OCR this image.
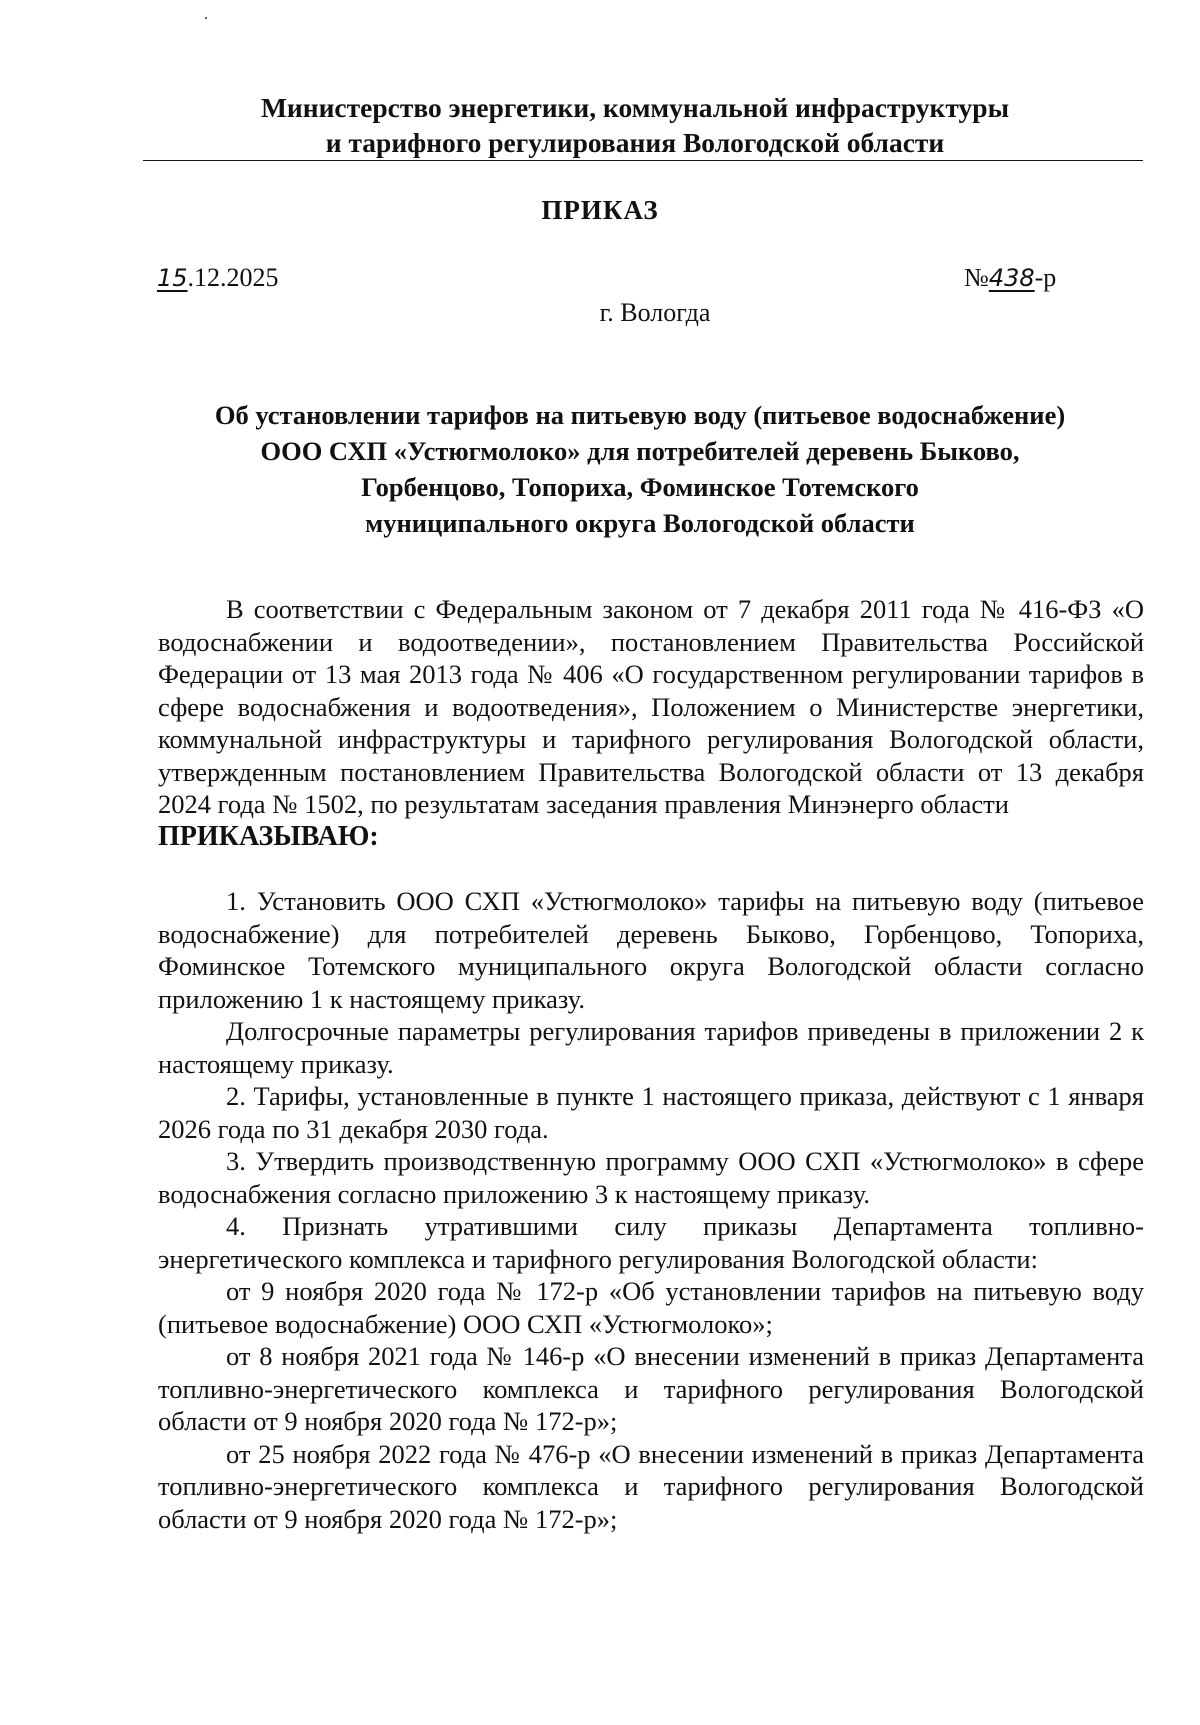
Министерство энергетики, коммунальной инфраструктуры
и тарифного регулирования Вологодской области
ПРИКАЗ
15.12.2025	№438-р
г. Вологда
Об установлении тарифов на питьевую воду (питьевое водоснабжение)
ООО СХП «Устюгмолоко» для потребителей деревень Быково,
Горбенцово, Топориха, Фоминское Тотемского
муниципального округа Вологодской области

В соответствии с Федеральным законом от 7 декабря 2011 года № 416-ФЗ «О водоснабжении и водоотведении», постановлением Правительства Российской Федерации от 13 мая 2013 года № 406 «О государственном регулировании тарифов в сфере водоснабжения и водоотведения», Положением о Министерстве энергетики, коммунальной инфраструктуры и тарифного регулирования Вологодской области, утвержденным постановлением Правительства Вологодской области от 13 декабря 2024 года № 1502, по результатам заседания правления Минэнерго области

ПРИКАЗЫВАЮ:

1. Установить ООО СХП «Устюгмолоко» тарифы на питьевую воду (питьевое водоснабжение) для потребителей деревень Быково, Горбенцово, Топориха, Фоминское Тотемского муниципального округа Вологодской области согласно приложению 1 к настоящему приказу.

Долгосрочные параметры регулирования тарифов приведены в приложении 2 к настоящему приказу.

2. Тарифы, установленные в пункте 1 настоящего приказа, действуют с 1 января 2026 года по 31 декабря 2030 года.

3. Утвердить производственную программу ООО СХП «Устюгмолоко» в сфере водоснабжения согласно приложению 3 к настоящему приказу.

4. Признать утратившими силу приказы Департамента топливно-энергетического комплекса и тарифного регулирования Вологодской области:

от 9 ноября 2020 года № 172-р «Об установлении тарифов на питьевую воду (питьевое водоснабжение) ООО СХП «Устюгмолоко»;

от 8 ноября 2021 года № 146-р «О внесении изменений в приказ Департамента топливно-энергетического комплекса и тарифного регулирования Вологодской области от 9 ноября 2020 года № 172-р»;

от 25 ноября 2022 года № 476-р «О внесении изменений в приказ Департамента топливно-энергетического комплекса и тарифного регулирования Вологодской области от 9 ноября 2020 года № 172-р»;
